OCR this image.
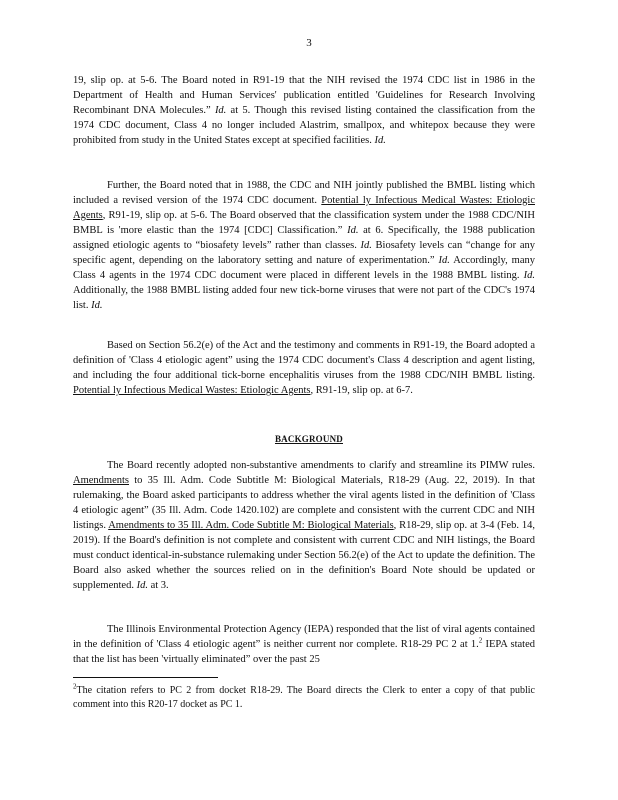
3

19, slip op. at 5-6. The Board noted in R91-19 that the NIH revised the 1974 CDC list in 1986 in the Department of Health and Human Services' publication entitled 'Guidelines for Research Involving Recombinant DNA Molecules.” Id. at 5. Though this revised listing contained the classification from the 1974 CDC document, Class 4 no longer included Alastrim, smallpox, and whitepox because they were prohibited from study in the United States except at specified facilities. Id.

Further, the Board noted that in 1988, the CDC and NIH jointly published the BMBL listing which included a revised version of the 1974 CDC document. Potential ly Infectious Medical Wastes: Etiologic Agents, R91-19, slip op. at 5-6. The Board observed that the classification system under the 1988 CDC/NIH BMBL is 'more elastic than the 1974 [CDC] Classification.” Id. at 6. Specifically, the 1988 publication assigned etiologic agents to “biosafety levels” rather than classes. Id. Biosafety levels can “change for any specific agent, depending on the laboratory setting and nature of experimentation.” Id. Accordingly, many Class 4 agents in the 1974 CDC document were placed in different levels in the 1988 BMBL listing. Id. Additionally, the 1988 BMBL listing added four new tick-borne viruses that were not part of the CDC's 1974 list. Id.

Based on Section 56.2(e) of the Act and the testimony and comments in R91-19, the Board adopted a definition of 'Class 4 etiologic agent” using the 1974 CDC document's Class 4 description and agent listing, and including the four additional tick-borne encephalitis viruses from the 1988 CDC/NIH BMBL listing. Potential ly Infectious Medical Wastes: Etiologic Agents, R91-19, slip op. at 6-7.

BACKGROUND

The Board recently adopted non-substantive amendments to clarify and streamline its PIMW rules. Amendments to 35 Ill. Adm. Code Subtitle M: Biological Materials, R18-29 (Aug. 22, 2019). In that rulemaking, the Board asked participants to address whether the viral agents listed in the definition of 'Class 4 etiologic agent” (35 Ill. Adm. Code 1420.102) are complete and consistent with the current CDC and NIH listings. Amendments to 35 Ill. Adm. Code Subtitle M: Biological Materials, R18-29, slip op. at 3-4 (Feb. 14, 2019). If the Board's definition is not complete and consistent with current CDC and NIH listings, the Board must conduct identical-in-substance rulemaking under Section 56.2(e) of the Act to update the definition. The Board also asked whether the sources relied on in the definition's Board Note should be updated or supplemented. Id. at 3.

The Illinois Environmental Protection Agency (IEPA) responded that the list of viral agents contained in the definition of 'Class 4 etiologic agent” is neither current nor complete. R18-29 PC 2 at 1.$^2$ IEPA stated that the list has been 'virtually eliminated” over the past 25

$^2$The citation refers to PC 2 from docket R18-29. The Board directs the Clerk to enter a copy of that public comment into this R20-17 docket as PC 1.
